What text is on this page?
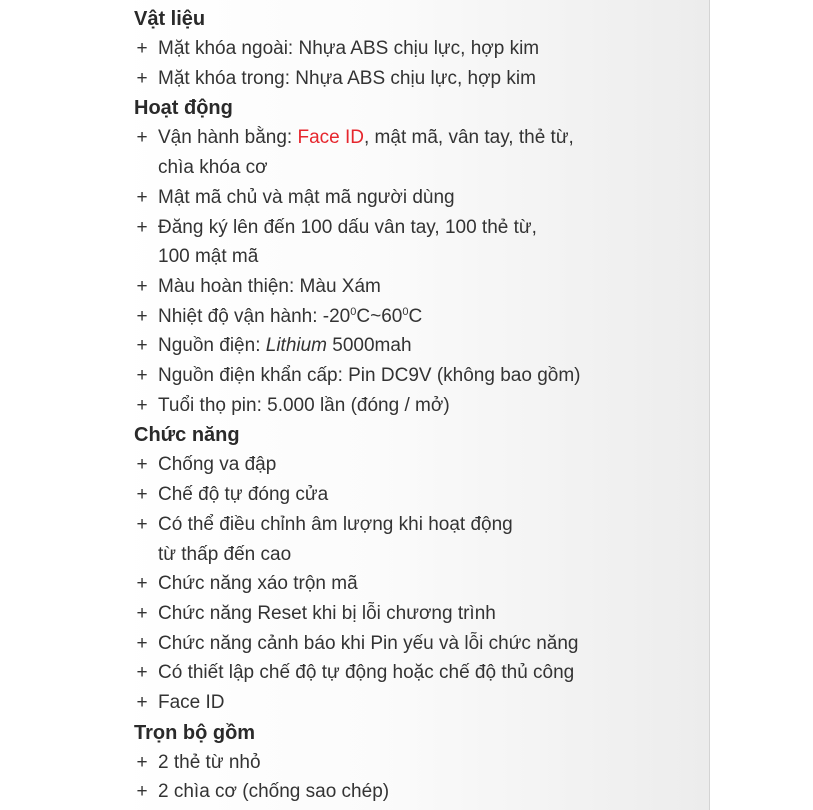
Vật liệu
+ Mặt khóa ngoài: Nhựa ABS chịu lực, hợp kim
+ Mặt khóa trong: Nhựa ABS chịu lực, hợp kim
Hoạt động
+ Vận hành bằng: Face ID, mật mã, vân tay, thẻ từ,
chìa khóa cơ
+ Mật mã chủ và mật mã người dùng
+ Đăng ký lên đến 100 dấu vân tay, 100 thẻ từ,
100 mật mã
+ Màu hoàn thiện: Màu Xám
+ Nhiệt độ vận hành: $-20^0C\sim 60^0C$
+ Nguồn điện: Lithium 5000mah
+ Nguồn điện khẩn cấp: Pin DC9V (không bao gồm)
+ Tuổi thọ pin: 5.000 lần (đóng / mở)
Chức năng
+ Chống va đập
+ Chế độ tự đóng cửa
+ Có thể điều chỉnh âm lượng khi hoạt động
từ thấp đến cao
+ Chức năng xáo trộn mã
+ Chức năng Reset khi bị lỗi chương trình
+ Chức năng cảnh báo khi Pin yếu và lỗi chức năng
+ Có thiết lập chế độ tự động hoặc chế độ thủ công
+ Face ID
Trọn bộ gồm
+ 2 thẻ từ nhỏ
+ 2 chìa cơ (chống sao chép)
